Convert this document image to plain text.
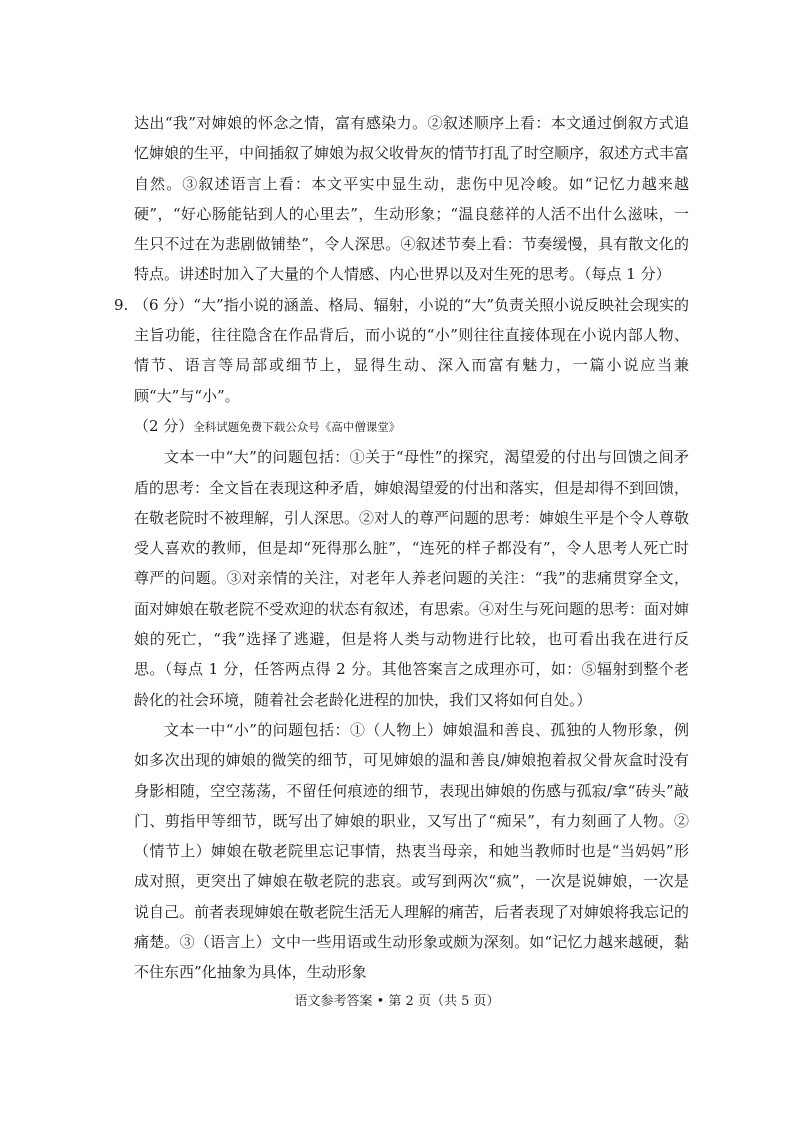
达出“我”对婶娘的怀念之情，富有感染力。②叙述顺序上看：本文通过倒叙方式追忆婶娘的生平，中间插叙了婶娘为叔父收骨灰的情节打乱了时空顺序，叙述方式丰富自然。③叙述语言上看：本文平实中显生动，悲伤中见冷峻。如“记忆力越来越硬”，“好心肠能钻到人的心里去”，生动形象；“温良慈祥的人活不出什么滋味，一生只不过在为悲剧做铺垫”，令人深思。④叙述节奏上看：节奏缓慢，具有散文化的特点。讲述时加入了大量的个人情感、内心世界以及对生死的思考。（每点 1 分）

9. （6 分）“大”指小说的涵盖、格局、辐射，小说的“大”负责关照小说反映社会现实的主旨功能，往往隐含在作品背后，而小说的“小”则往往直接体现在小说内部人物、情节、语言等局部或细节上，显得生动、深入而富有魅力，一篇小说应当兼顾“大”与“小”。

（2 分）全科试题免费下载公众号《高中僧课堂》

文本一中“大”的问题包括：①关于“母性”的探究，渴望爱的付出与回馈之间矛盾的思考：全文旨在表现这种矛盾，婶娘渴望爱的付出和落实，但是却得不到回馈，在敬老院时不被理解，引人深思。②对人的尊严问题的思考：婶娘生平是个令人尊敬受人喜欢的教师，但是却“死得那么脏”，“连死的样子都没有”，令人思考人死亡时尊严的问题。③对亲情的关注，对老年人养老问题的关注：“我”的悲痛贯穿全文，面对婶娘在敬老院不受欢迎的状态有叙述，有思索。④对生与死问题的思考：面对婶娘的死亡，“我”选择了逃避，但是将人类与动物进行比较，也可看出我在进行反思。（每点 1 分，任答两点得 2 分。其他答案言之成理亦可，如：⑤辐射到整个老龄化的社会环境，随着社会老龄化进程的加快，我们又将如何自处。）

文本一中“小”的问题包括：①（人物上）婶娘温和善良、孤独的人物形象，例如多次出现的婶娘的微笑的细节，可见婶娘的温和善良/婶娘抱着叔父骨灰盒时没有身影相随，空空荡荡，不留任何痕迹的细节，表现出婶娘的伤感与孤寂/拿“砖头”敲门、剪指甲等细节，既写出了婶娘的职业，又写出了“痴呆”，有力刻画了人物。②（情节上）婶娘在敬老院里忘记事情，热衷当母亲，和她当教师时也是“当妈妈”形成对照，更突出了婶娘在敬老院的悲哀。或写到两次“疯”，一次是说婶娘，一次是说自己。前者表现婶娘在敬老院生活无人理解的痛苦，后者表现了对婶娘将我忘记的痛楚。③（语言上）文中一些用语或生动形象或颇为深刻。如“记忆力越来越硬，黏不住东西”化抽象为具体，生动形象

语文参考答案 • 第 2 页（共 5 页）
